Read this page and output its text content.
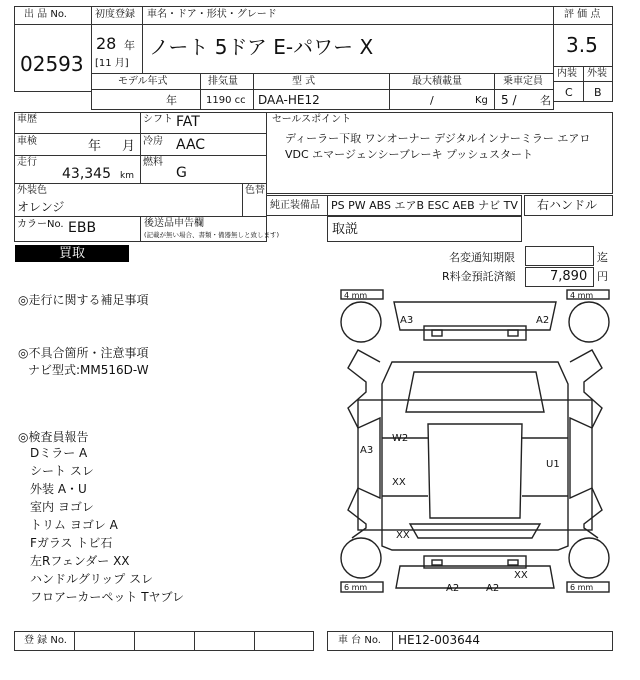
出 品 No.
02593
初度登録
28 年
[11 月]
車名・ドア・形状・グレード
ノート 5ドア E-パワー X
評 価 点
3.5
内装 外装
C B
モデル年式
年
排気量
1190 cc
型 式
DAA-HE12
最大積載量
/	Kg
乗車定員
5 / 名
車歴	シフト FAT
車検	年 月 冷房 AAC
走行
43,345 km
燃料
G
外装色
オレンジ
色替
カラーNo. EBB	後送品申告欄
(記載が無い場合、書類・備器無しと致します)
セールスポイント
ディーラー下取 ワンオーナー デジタルインナーミラー エアロ
VDC エマージェンシーブレーキ プッシュスタート
純正装備品 PS PW ABS エアB ESC AEB ナビ TV 右ハンドル
取説
買取	名変通知期限	迄
R料金預託済額	7,890 円
◎走行に関する補足事項
◎不具合箇所・注意事項
ナビ型式:MM516D-W
◎検査員報告
Dミラー A
シート スレ
外装 A・U
室内 ヨゴレ
トリム ヨゴレ A
Fガラス トビ石
左Rフェンダー XX
ハンドルグリップ スレ
フロアーカーペット Tヤブレ
4 mm	4 mm
6 mm	6 mm
A3	A2
W2
A3
XX
U1
XX
XX
A2	A2
登 録 No.	車 台 No. HE12-003644
